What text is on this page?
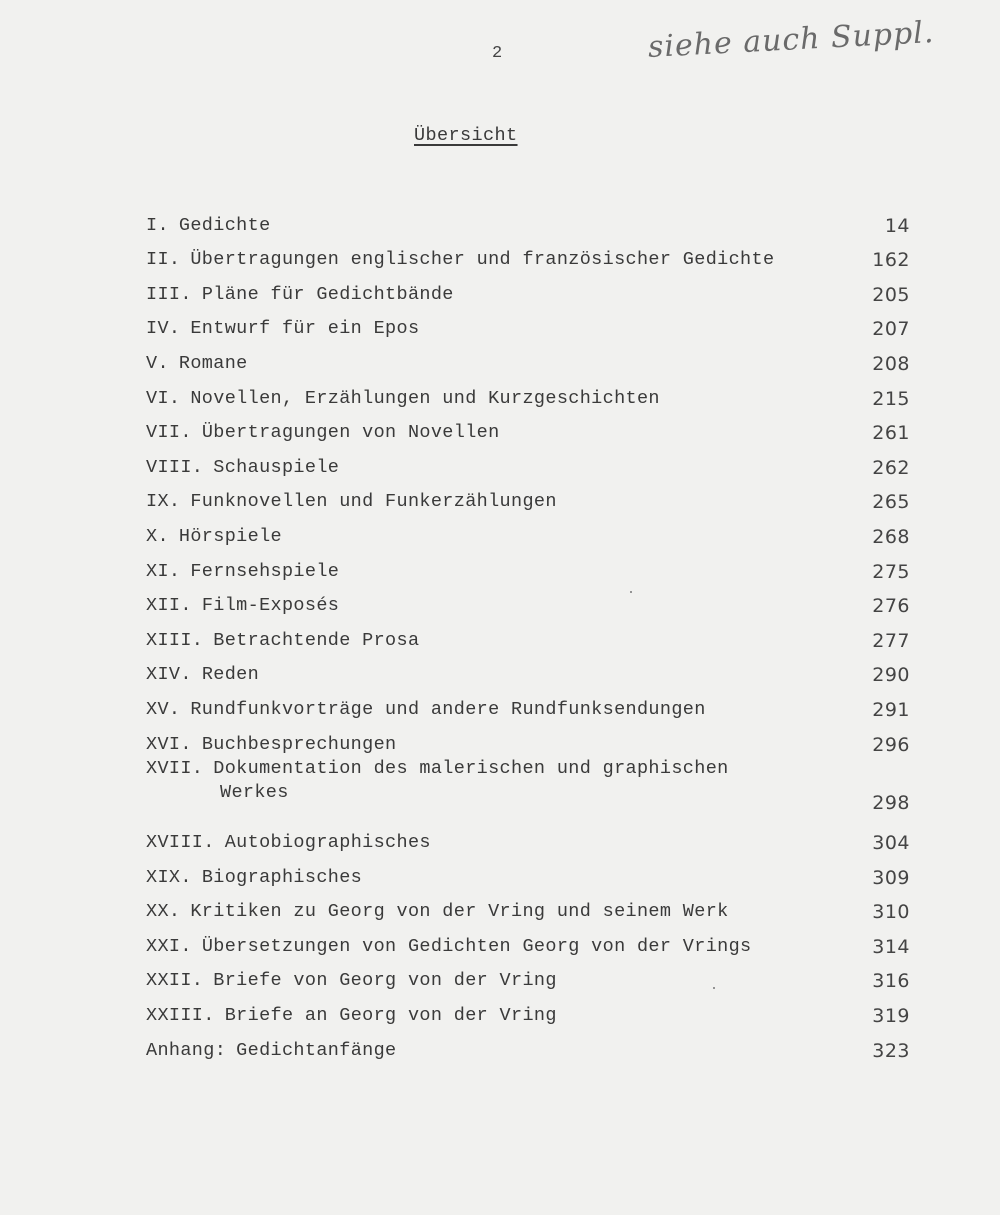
2	siehe auch Suppl.
Übersicht
I. Gedichte	14
II. Übertragungen englischer und französischer Gedichte	162
III. Pläne für Gedichtbände	205
IV. Entwurf für ein Epos	207
V. Romane	208
VI. Novellen, Erzählungen und Kurzgeschichten	215
VII. Übertragungen von Novellen	261
VIII. Schauspiele	262
IX. Funknovellen und Funkerzählungen	265
X. Hörspiele	268
XI. Fernsehspiele	275
XII. Film-Exposés	276
XIII. Betrachtende Prosa	277
XIV. Reden	290
XV. Rundfunkvorträge und andere Rundfunksendungen	291
XVI. Buchbesprechungen	296
XVII. Dokumentation des malerischen und graphischen
Werkes	298
XVIII. Autobiographisches	304
XIX. Biographisches	309
XX. Kritiken zu Georg von der Vring und seinem Werk	310
XXI. Übersetzungen von Gedichten Georg von der Vrings	314
XXII. Briefe von Georg von der Vring	316
XXIII. Briefe an Georg von der Vring	319
Anhang: Gedichtanfänge	323
